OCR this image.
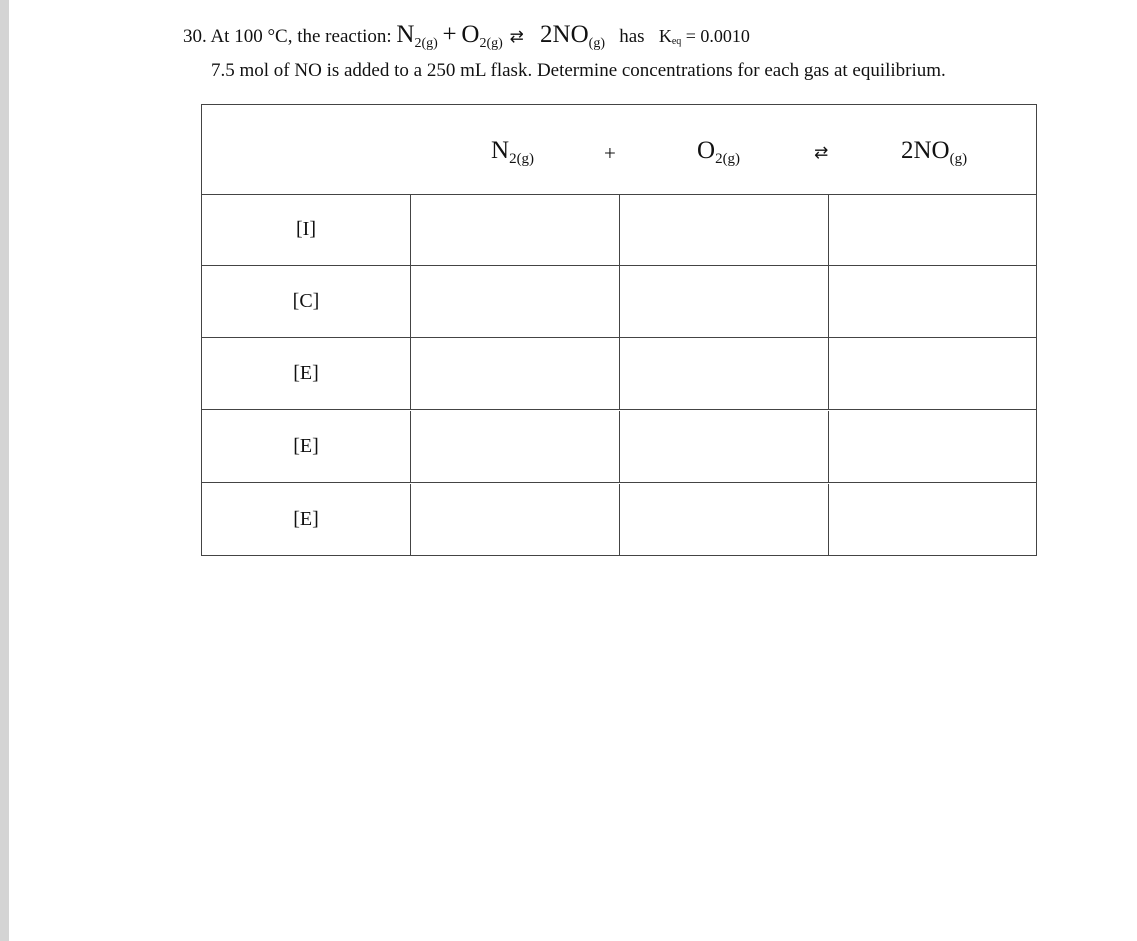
30. At 100 °C, the reaction: $N_{2(g)} + O_{2(g)}$ ⇄ $2NO_{(g)}$ has $K_{eq} = 0.0010$
7.5 mol of NO is added to a 250 mL flask. Determine concentrations for each gas at equilibrium.
$N_{2(g)}$	+	$O_{2(g)}$	⇄	$2NO_{(g)}$
[I]
[C]
[E]
[E]
[E]
